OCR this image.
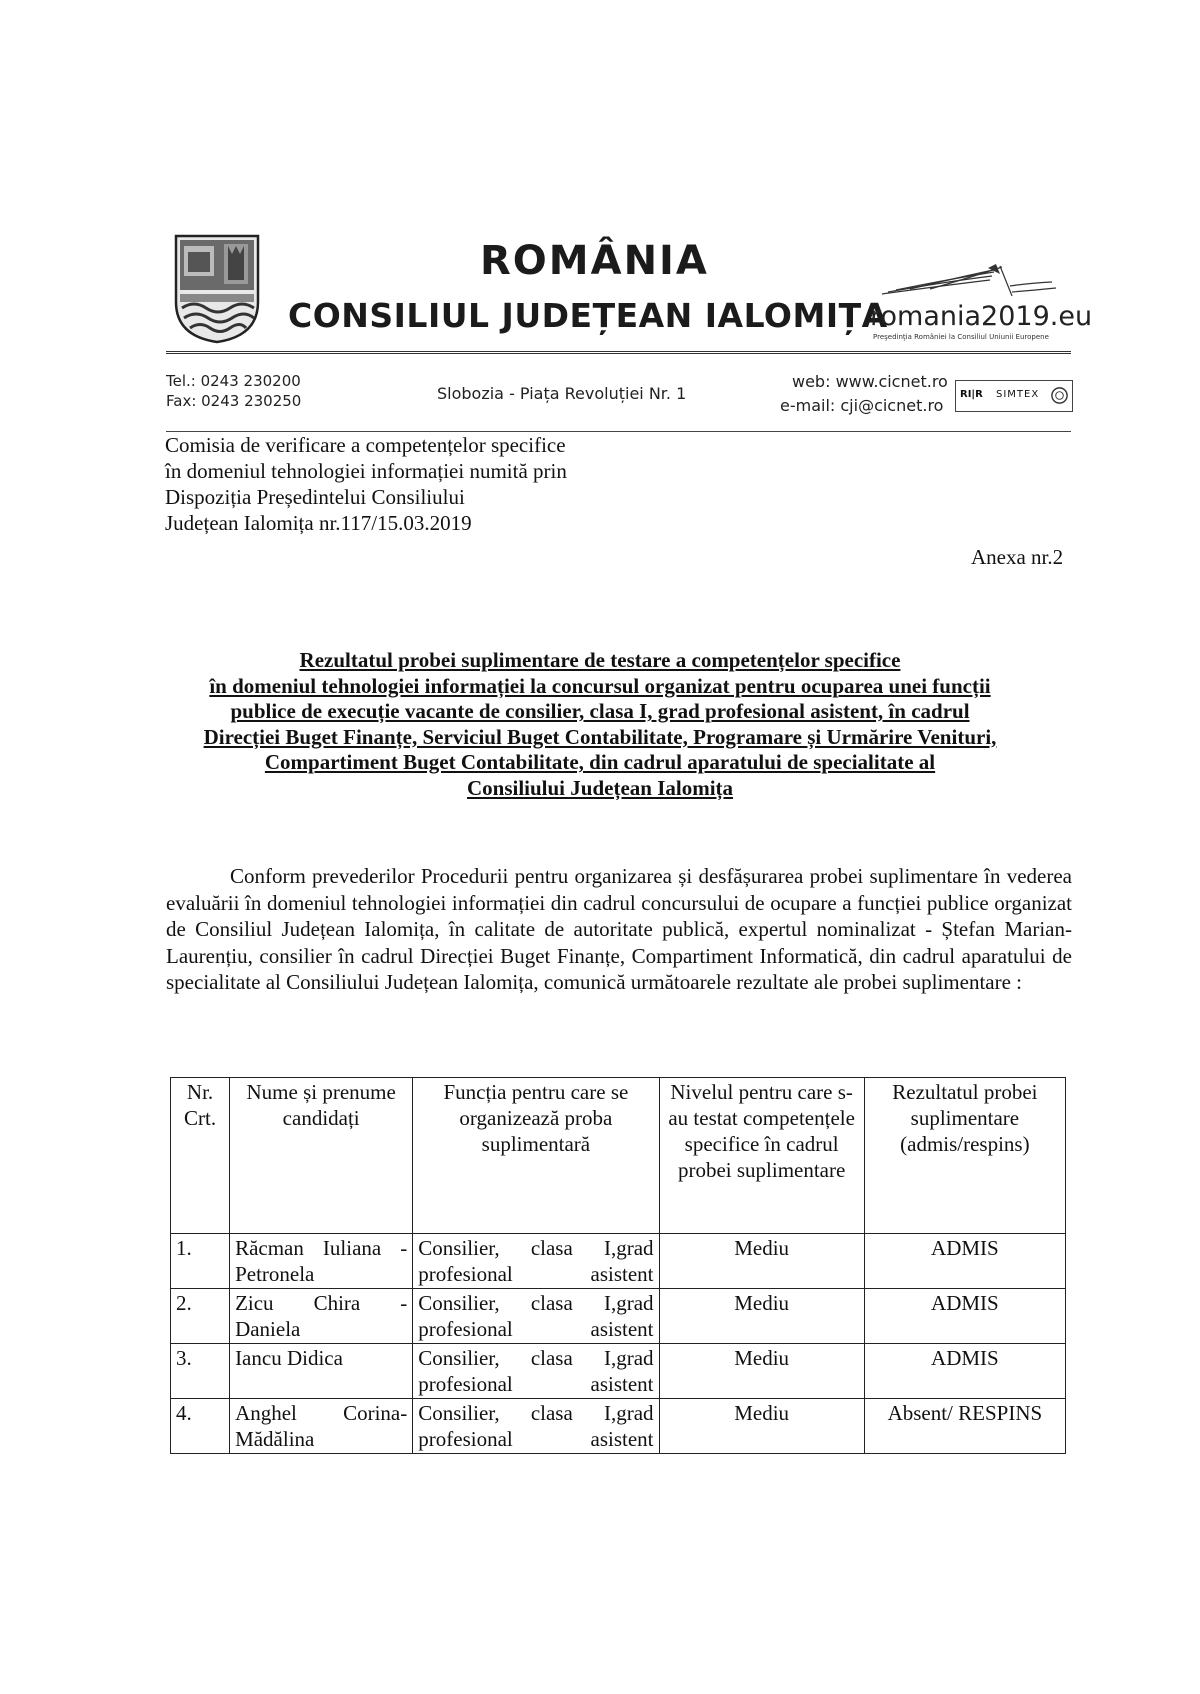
ROMÂNIA
CONSILIUL JUDEȚEAN IALOMIȚA
romania2019.eu
Preşedinţia României la Consiliul Uniunii Europene
Tel.: 0243 230200
Fax: 0243 230250	Slobozia - Piața Revoluției Nr. 1
web: www.cicnet.ro
e-mail: cji@cicnet.ro
RI|R SIMTEX
Comisia de verificare a competențelor specifice
în domeniul tehnologiei informației numită prin
Dispoziția Președintelui Consiliului
Județean Ialomița nr.117/15.03.2019
Anexa nr.2
Rezultatul probei suplimentare de testare a competențelor specifice
în domeniul tehnologiei informației la concursul organizat pentru ocuparea unei funcții
publice de execuție vacante de consilier, clasa I, grad profesional asistent, în cadrul
Direcției Buget Finanțe, Serviciul Buget Contabilitate, Programare și Urmărire Venituri,
Compartiment Buget Contabilitate, din cadrul aparatului de specialitate al
Consiliului Județean Ialomița
Conform prevederilor Procedurii pentru organizarea și desfășurarea probei suplimentare în vederea evaluării în domeniul tehnologiei informației din cadrul concursului de ocupare a funcției publice organizat de Consiliul Județean Ialomița, în calitate de autoritate publică, expertul nominalizat - Ștefan Marian-Laurențiu, consilier în cadrul Direcției Buget Finanțe, Compartiment Informatică, din cadrul aparatului de specialitate al Consiliului Județean Ialomița, comunică următoarele rezultate ale probei suplimentare :
Nr. Crt.	Nume și prenume candidați	Funcția pentru care se organizează proba suplimentară	Nivelul pentru care s-au testat competențele specifice în cadrul probei suplimentare	Rezultatul probei suplimentare (admis/respins)
1.	Răcman Iuliana - Petronela	Consilier, clasa I,grad profesional asistent	Mediu	ADMIS
2.	Zicu Chira - Daniela	Consilier, clasa I,grad profesional asistent	Mediu	ADMIS
3.	Iancu Didica	Consilier, clasa I,grad profesional asistent	Mediu	ADMIS
4.	Anghel Corina-Mădălina	Consilier, clasa I,grad profesional asistent	Mediu	Absent/ RESPINS
